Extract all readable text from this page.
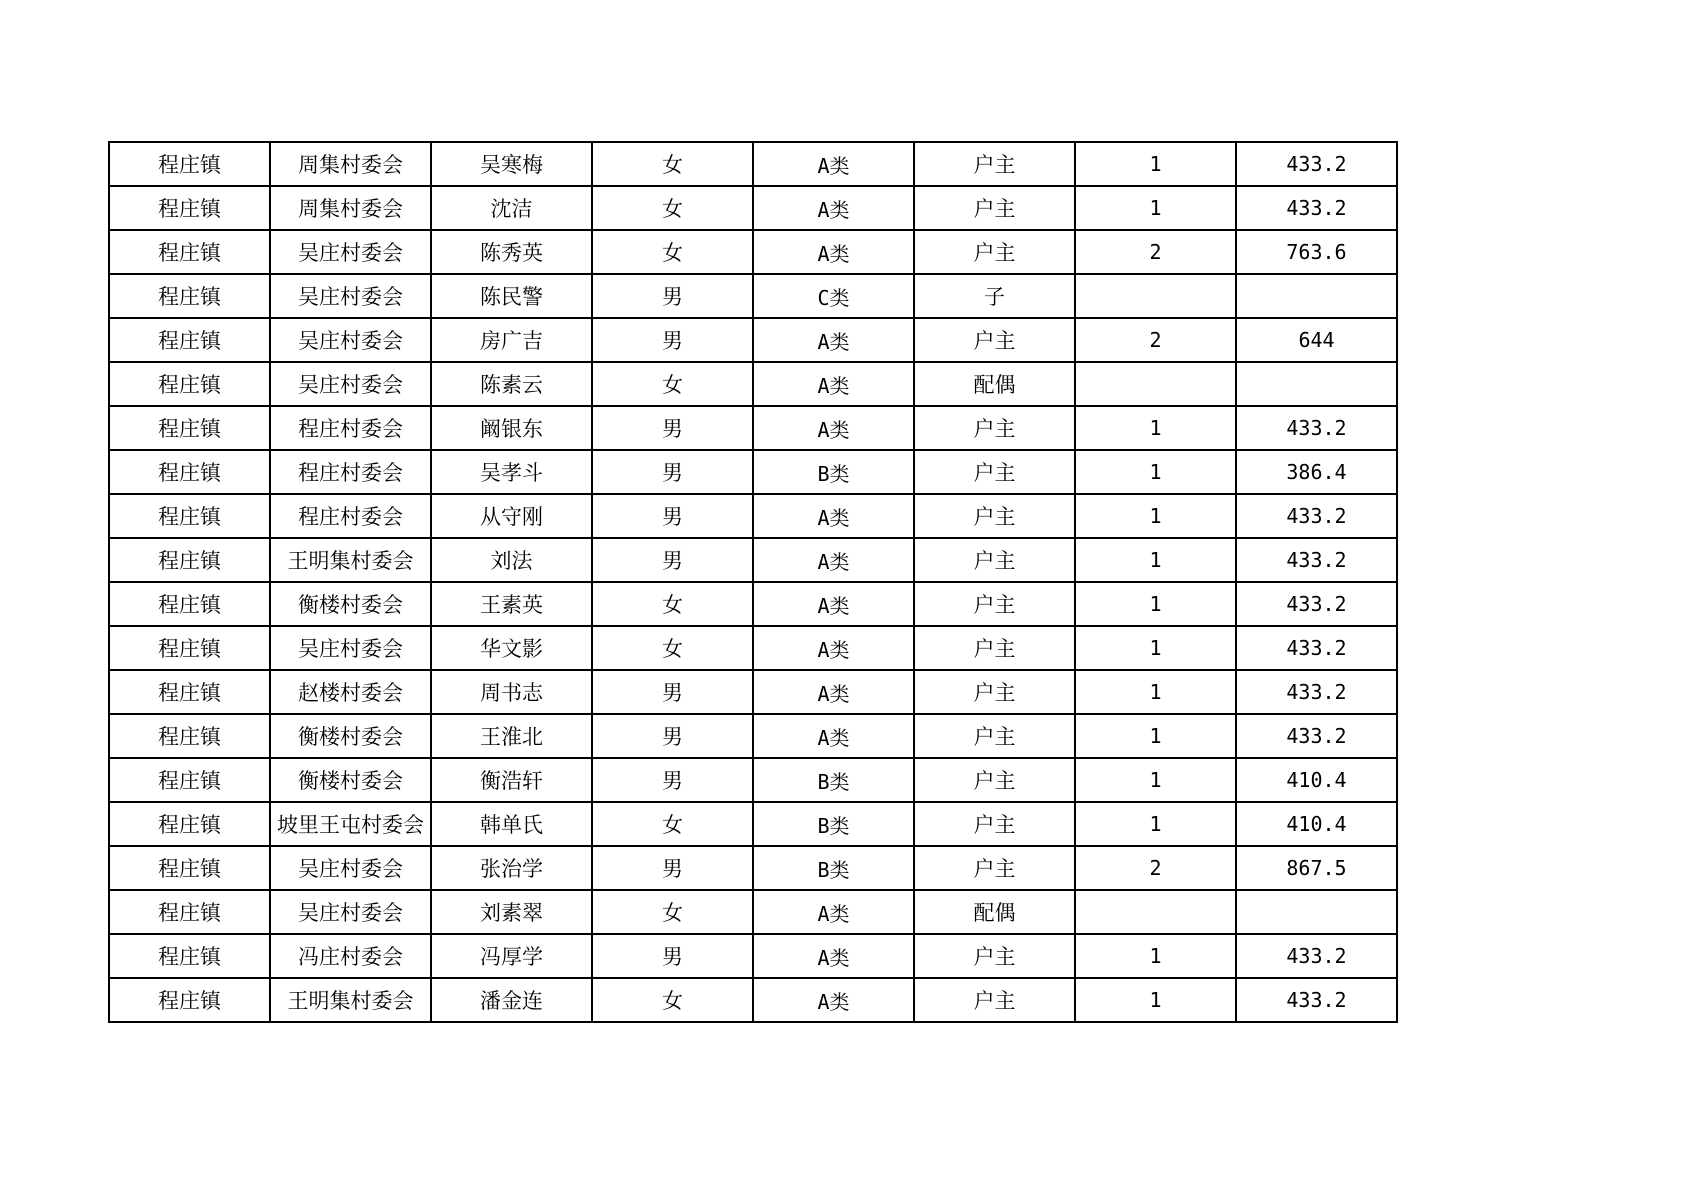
程庄镇	周集村委会	吴寒梅	女	A类	户主	1	433.2
程庄镇	周集村委会	沈洁	女	A类	户主	1	433.2
程庄镇	吴庄村委会	陈秀英	女	A类	户主	2	763.6
程庄镇	吴庄村委会	陈民警	男	C类	子		
程庄镇	吴庄村委会	房广吉	男	A类	户主	2	644
程庄镇	吴庄村委会	陈素云	女	A类	配偶		
程庄镇	程庄村委会	阚银东	男	A类	户主	1	433.2
程庄镇	程庄村委会	吴孝斗	男	B类	户主	1	386.4
程庄镇	程庄村委会	从守刚	男	A类	户主	1	433.2
程庄镇	王明集村委会	刘法	男	A类	户主	1	433.2
程庄镇	衡楼村委会	王素英	女	A类	户主	1	433.2
程庄镇	吴庄村委会	华文影	女	A类	户主	1	433.2
程庄镇	赵楼村委会	周书志	男	A类	户主	1	433.2
程庄镇	衡楼村委会	王淮北	男	A类	户主	1	433.2
程庄镇	衡楼村委会	衡浩轩	男	B类	户主	1	410.4
程庄镇	坡里王屯村委会	韩单氏	女	B类	户主	1	410.4
程庄镇	吴庄村委会	张治学	男	B类	户主	2	867.5
程庄镇	吴庄村委会	刘素翠	女	A类	配偶		
程庄镇	冯庄村委会	冯厚学	男	A类	户主	1	433.2
程庄镇	王明集村委会	潘金连	女	A类	户主	1	433.2
